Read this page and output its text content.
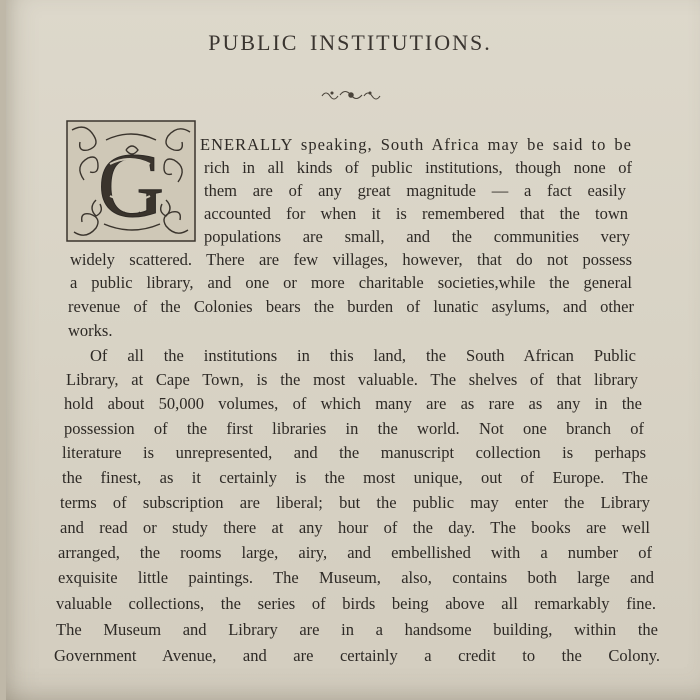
PUBLIC INSTITUTIONS.
G ENERALLY speaking, South Africa may be said to be
rich in all kinds of public institutions, though none of
them are of any great magnitude — a fact easily
accounted for when it is remembered that the town
populations are small, and the communities very
widely scattered. There are few villages, however, that do not possess
a public library, and one or more charitable societies,while the general
revenue of the Colonies bears the burden of lunatic asylums, and other
works.
Of all the institutions in this land, the South African Public
Library, at Cape Town, is the most valuable. The shelves of that library
hold about 50,000 volumes, of which many are as rare as any in the
possession of the first libraries in the world. Not one branch of
literature is unrepresented, and the manuscript collection is perhaps
the finest, as it certainly is the most unique, out of Europe. The
terms of subscription are liberal; but the public may enter the Library
and read or study there at any hour of the day. The books are well
arranged, the rooms large, airy, and embellished with a number of
exquisite little paintings. The Museum, also, contains both large and
valuable collections, the series of birds being above all remarkably fine.
The Museum and Library are in a handsome building, within the
Government Avenue, and are certainly a credit to the Colony.
